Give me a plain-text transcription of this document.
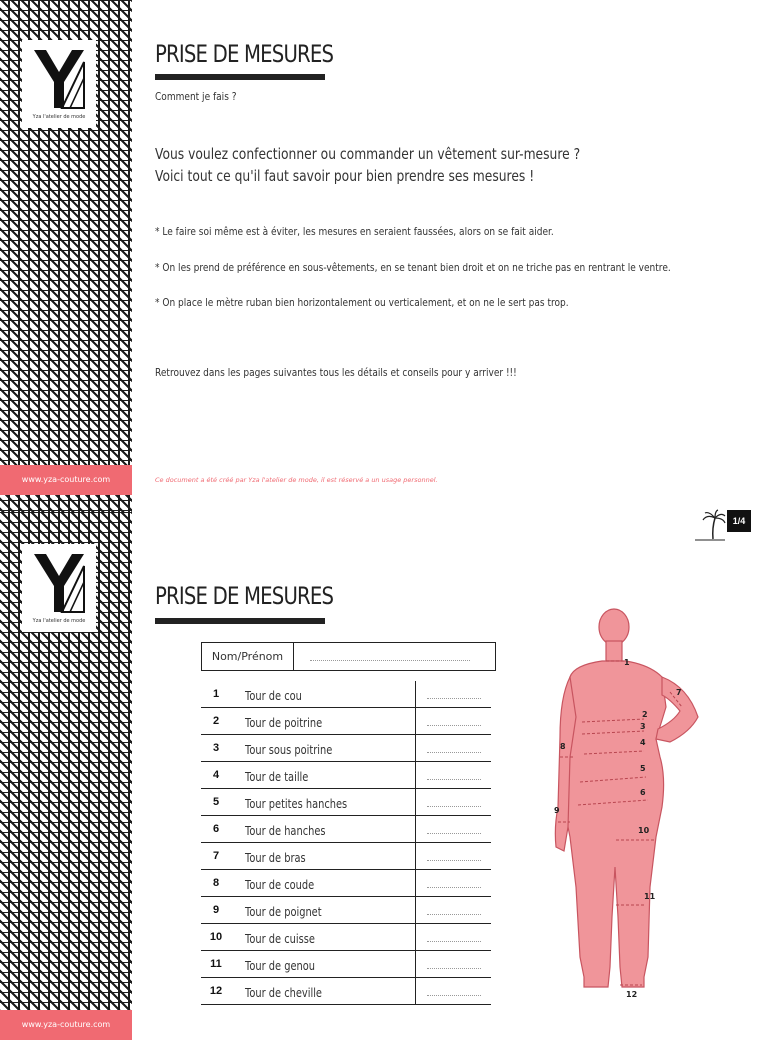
Yza l'atelier de mode
www.yza-couture.com
PRISE DE MESURES
Comment je fais ?
Vous voulez confectionner ou commander un vêtement sur-mesure ?
Voici tout ce qu'il faut savoir pour bien prendre ses mesures !
* Le faire soi même est à éviter, les mesures en seraient faussées, alors on se fait aider.
* On les prend de préférence en sous-vêtements, en se tenant bien droit et on ne triche pas en rentrant le ventre.
* On place le mètre ruban bien horizontalement ou verticalement, et on ne le sert pas trop.
Retrouvez dans les pages suivantes tous les détails et conseils pour y arriver !!!
Ce document a été créé par Yza l'atelier de mode, il est réservé a un usage personnel.
1/4
Yza l'atelier de mode
www.yza-couture.com
PRISE DE MESURES
Nom/Prénom
1	Tour de cou
2	Tour de poitrine
3	Tour sous poitrine
4	Tour de taille
5	Tour petites hanches
6	Tour de hanches
7	Tour de bras
8	Tour de coude
9	Tour de poignet
10	Tour de cuisse
11	Tour de genou
12	Tour de cheville
1
2
3
4
5
6
7
8
9
10
11
12
